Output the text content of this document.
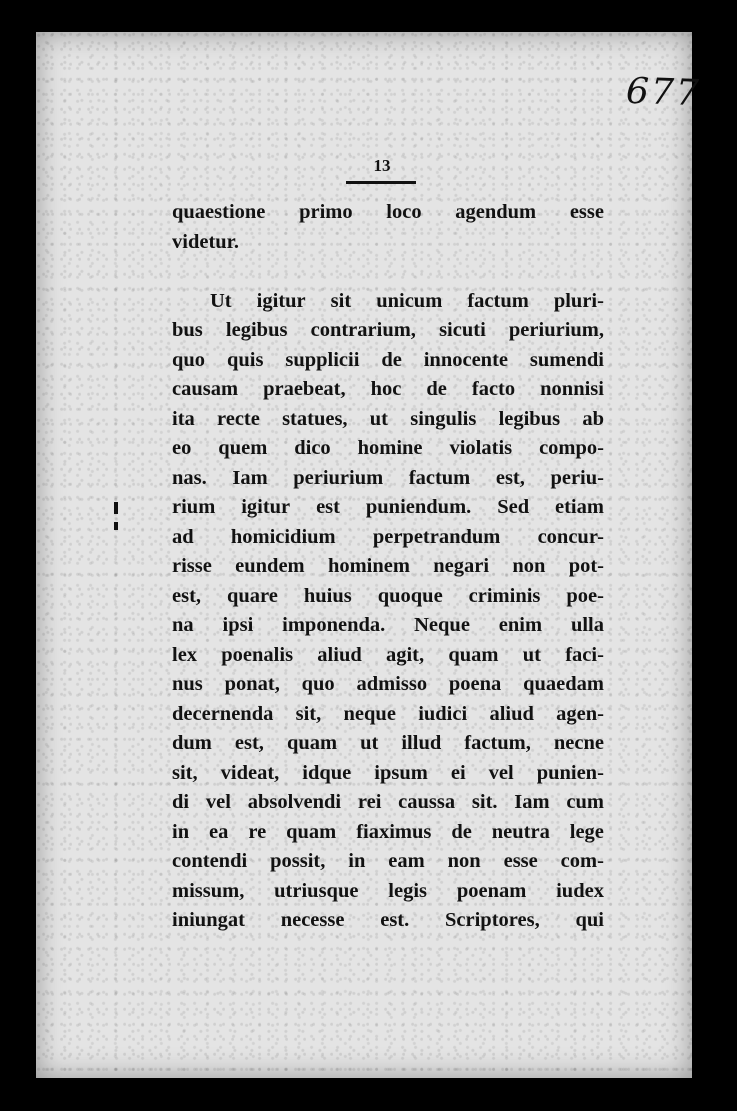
677
13
quaestione primo loco agendum esse
videtur.
Ut igitur sit unicum factum pluri-
bus legibus contrarium, sicuti periurium,
quo quis supplicii de innocente sumendi
causam praebeat, hoc de facto nonnisi
ita recte statues, ut singulis legibus ab
eo quem dico homine violatis compo-
nas. Iam periurium factum est, periu-
rium igitur est puniendum. Sed etiam
ad homicidium perpetrandum concur-
risse eundem hominem negari non pot-
est, quare huius quoque criminis poe-
na ipsi imponenda. Neque enim ulla
lex poenalis aliud agit, quam ut faci-
nus ponat, quo admisso poena quaedam
decernenda sit, neque iudici aliud agen-
dum est, quam ut illud factum, necne
sit, videat, idque ipsum ei vel punien-
di vel absolvendi rei caussa sit. Iam cum
in ea re quam fiaximus de neutra lege
contendi possit, in eam non esse com-
missum, utriusque legis poenam iudex
iniungat necesse est. Scriptores, qui
